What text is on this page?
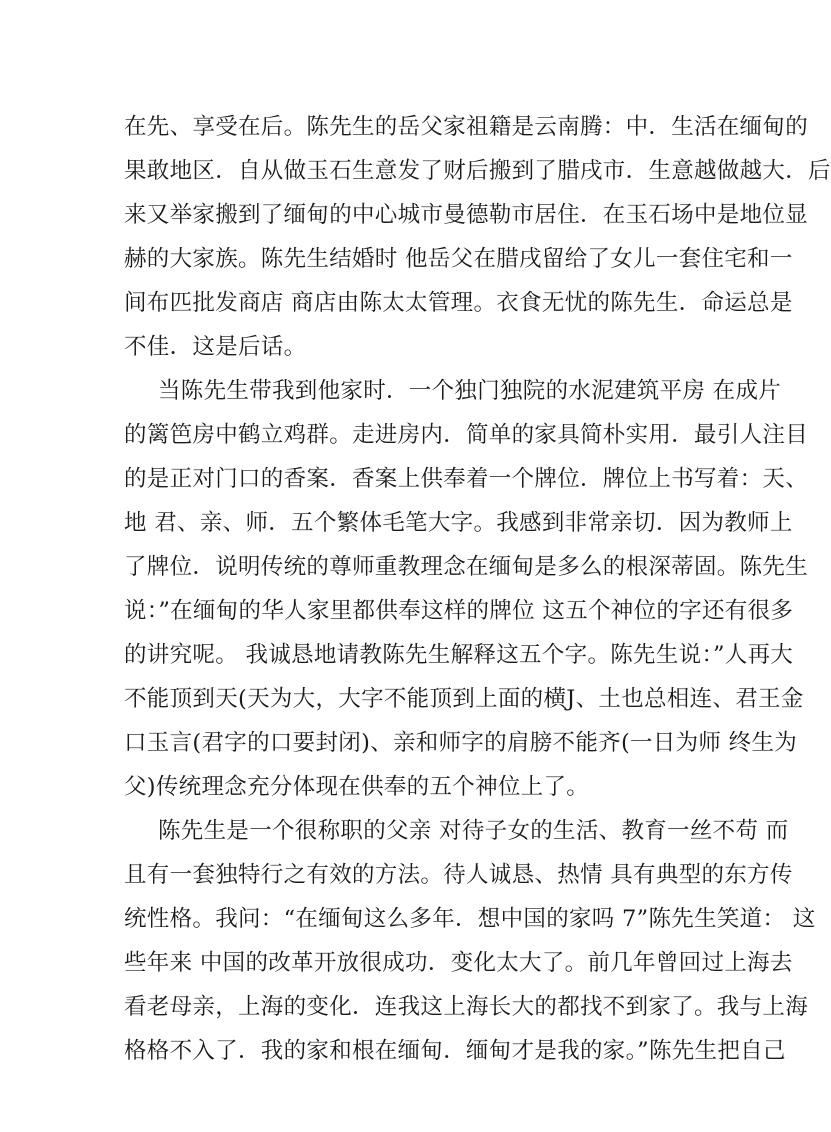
在先、享受在后。陈先生的岳父家祖籍是云南腾：中．生活在缅甸的
果敢地区．自从做玉石生意发了财后搬到了腊戌市．生意越做越大．后
来又举家搬到了缅甸的中心城市曼德勒市居住．在玉石场中是地位显
赫的大家族。陈先生结婚时 他岳父在腊戌留给了女儿一套住宅和一
间布匹批发商店 商店由陈太太管理。衣食无忧的陈先生．命运总是
不佳．这是后话。
当陈先生带我到他家时．一个独门独院的水泥建筑平房 在成片
的篱笆房中鹤立鸡群。走进房内．简单的家具简朴实用．最引人注目
的是正对门口的香案．香案上供奉着一个牌位．牌位上书写着：天、
地 君、亲、师．五个繁体毛笔大字。我感到非常亲切．因为教师上
了牌位．说明传统的尊师重教理念在缅甸是多么的根深蒂固。陈先生
说：”在缅甸的华人家里都供奉这样的牌位 这五个神位的字还有很多
的讲究呢。 我诚恳地请教陈先生解释这五个字。陈先生说：”人再大
不能顶到天(天为大，大字不能顶到上面的横J、土也总相连、君王金
口玉言(君字的口要封闭)、亲和师字的肩膀不能齐(一日为师 终生为
父)传统理念充分体现在供奉的五个神位上了。
陈先生是一个很称职的父亲 对待子女的生活、教育一丝不苟 而
且有一套独特行之有效的方法。待人诚恳、热情 具有典型的东方传
统性格。我问：“在缅甸这么多年．想中国的家吗 7”陈先生笑道： 这
些年来 中国的改革开放很成功．变化太大了。前几年曾回过上海去
看老母亲，上海的变化．连我这上海长大的都找不到家了。我与上海
格格不入了．我的家和根在缅甸．缅甸才是我的家。”陈先生把自己
